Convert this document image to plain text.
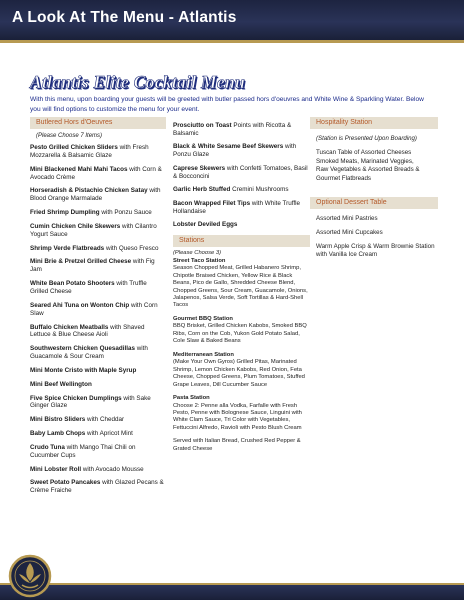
A Look At The Menu - Atlantis
Atlantis Elite Cocktail Menu
With this menu, upon boarding your guests will be greeted with butler passed hors d'oeuvres and White Wine & Sparkling Water. Below you will find options to customize the menu for your event.
Butlered Hors d'Oeuvres
(Please Choose 7 Items)
Pesto Grilled Chicken Sliders with Fresh Mozzarella & Balsamic Glaze
Mini Blackened Mahi Mahi Tacos with Corn & Avocado Crème
Horseradish & Pistachio Chicken Satay with Blood Orange Marmalade
Fried Shrimp Dumpling with Ponzu Sauce
Cumin Chicken Chile Skewers with Cilantro Yogurt Sauce
Shrimp Verde Flatbreads with Queso Fresco
Mini Brie & Pretzel Grilled Cheese with Fig Jam
White Bean Potato Shooters with Truffle Grilled Cheese
Seared Ahi Tuna on Wonton Chip with Corn Slaw
Buffalo Chicken Meatballs with Shaved Lettuce & Blue Cheese Aioli
Southwestern Chicken Quesadillas with Guacamole & Sour Cream
Mini Monte Cristo with Maple Syrup
Mini Beef Wellington
Five Spice Chicken Dumplings with Sake Ginger Glaze
Mini Bistro Sliders with Cheddar
Baby Lamb Chops with Apricot Mint
Crudo Tuna with Mango Thai Chili on Cucumber Cups
Mini Lobster Roll with Avocado Mousse
Sweet Potato Pancakes with Glazed Pecans & Crème Fraiche
Prosciutto on Toast Points with Ricotta & Balsamic
Black & White Sesame Beef Skewers with Ponzu Glaze
Caprese Skewers with Confetti Tomatoes, Basil & Bocconcini
Garlic Herb Stuffed Cremini Mushrooms
Bacon Wrapped Filet Tips with White Truffle Hollandaise
Lobster Deviled Eggs
Stations
(Please Choose 3)
Street Taco Station
Season Chopped Meat, Grilled Habanero Shrimp, Chipotle Braised Chicken, Yellow Rice & Black Beans, Pico de Gallo, Shredded Cheese Blend, Chopped Greens, Sour Cream, Guacamole, Onions, Jalapenos, Salsa Verde, Soft Tortillas & Hard-Shell Tacos
Gourmet BBQ Station
BBQ Brisket, Grilled Chicken Kabobs, Smoked BBQ Ribs, Corn on the Cob, Yukon Gold Potato Salad, Cole Slaw & Baked Beans
Mediterranean Station
(Make Your Own Gyros) Grilled Pitas, Marinated Shrimp, Lemon Chicken Kabobs, Red Onion, Feta Cheese, Chopped Greens, Plum Tomatoes, Stuffed Grape Leaves, Dill Cucumber Sauce
Pasta Station
Choose 2: Penne alla Vodka, Farfalle with Fresh Pesto, Penne with Bolognese Sauce, Linguini with White Clam Sauce, Tri Color with Vegetables, Fettuccini Alfredo, Ravioli with Pesto Blush Cream
Served with Italian Bread, Crushed Red Pepper & Grated Cheese
Hospitality Station
(Station is Presented Upon Boarding)
Tuscan Table of Assorted Cheeses
Smoked Meats, Marinated Veggies,
Raw Vegetables & Assorted Breads &
Gourmet Flatbreads
Optional Dessert Table
Assorted Mini Pastries
Assorted Mini Cupcakes
Warm Apple Crisp & Warm Brownie Station with Vanilla Ice Cream
